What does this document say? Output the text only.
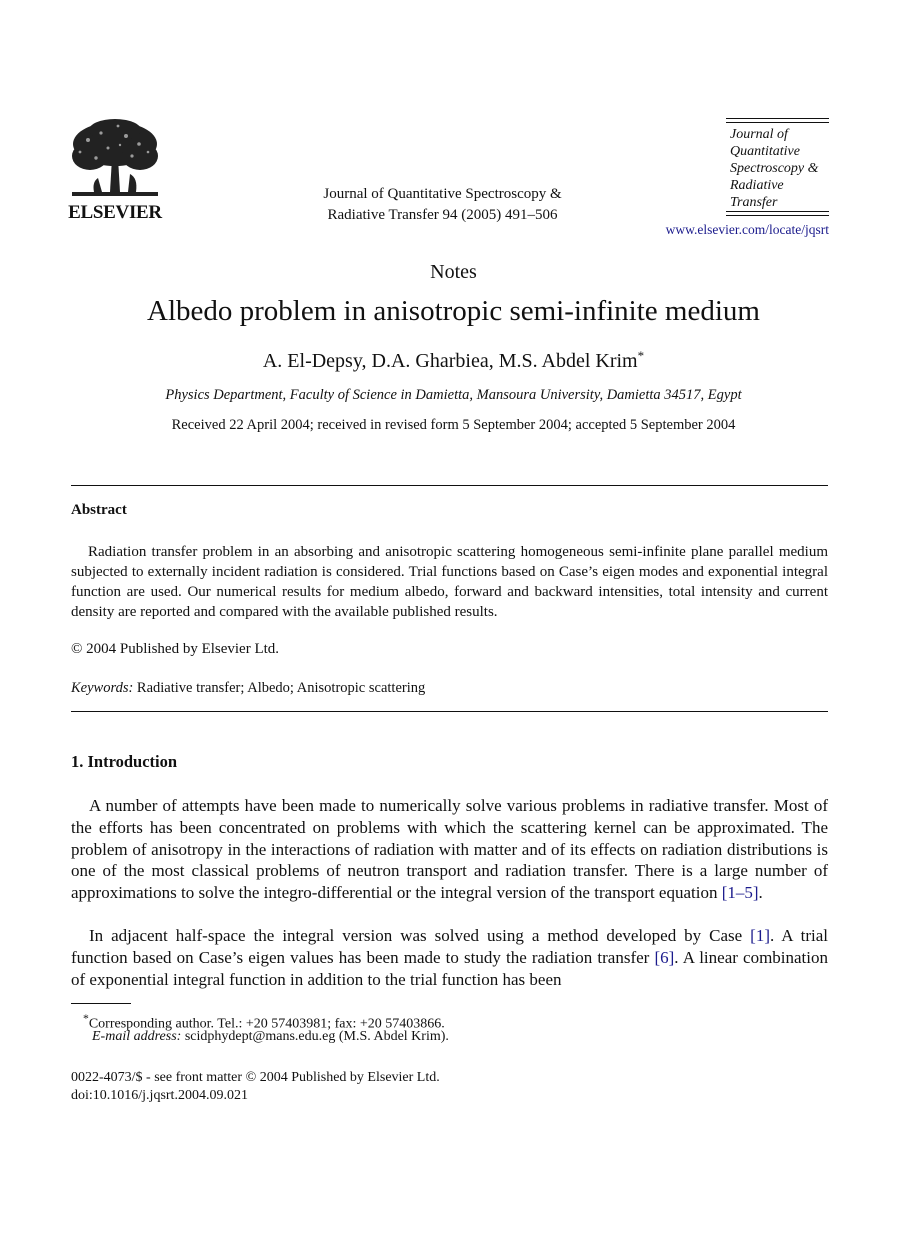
ELSEVIER
Journal of Quantitative Spectroscopy &
Radiative Transfer 94 (2005) 491–506
Journal of
Quantitative
Spectroscopy &
Radiative
Transfer
www.elsevier.com/locate/jqsrt
Notes
Albedo problem in anisotropic semi-infinite medium
A. El-Depsy, D.A. Gharbiea, M.S. Abdel Krim*
Physics Department, Faculty of Science in Damietta, Mansoura University, Damietta 34517, Egypt
Received 22 April 2004; received in revised form 5 September 2004; accepted 5 September 2004
Abstract
Radiation transfer problem in an absorbing and anisotropic scattering homogeneous semi-infinite plane parallel medium subjected to externally incident radiation is considered. Trial functions based on Case’s eigen modes and exponential integral function are used. Our numerical results for medium albedo, forward and backward intensities, total intensity and current density are reported and compared with the available published results.
© 2004 Published by Elsevier Ltd.
Keywords: Radiative transfer; Albedo; Anisotropic scattering
1. Introduction
A number of attempts have been made to numerically solve various problems in radiative transfer. Most of the efforts has been concentrated on problems with which the scattering kernel can be approximated. The problem of anisotropy in the interactions of radiation with matter and of its effects on radiation distributions is one of the most classical problems of neutron transport and radiation transfer. There is a large number of approximations to solve the integro-differential or the integral version of the transport equation [1–5].
In adjacent half-space the integral version was solved using a method developed by Case [1]. A trial function based on Case’s eigen values has been made to study the radiation transfer [6]. A linear combination of exponential integral function in addition to the trial function has been
*Corresponding author. Tel.: +20 57403981; fax: +20 57403866.
E-mail address: scidphydept@mans.edu.eg (M.S. Abdel Krim).
0022-4073/$ - see front matter © 2004 Published by Elsevier Ltd.
doi:10.1016/j.jqsrt.2004.09.021
